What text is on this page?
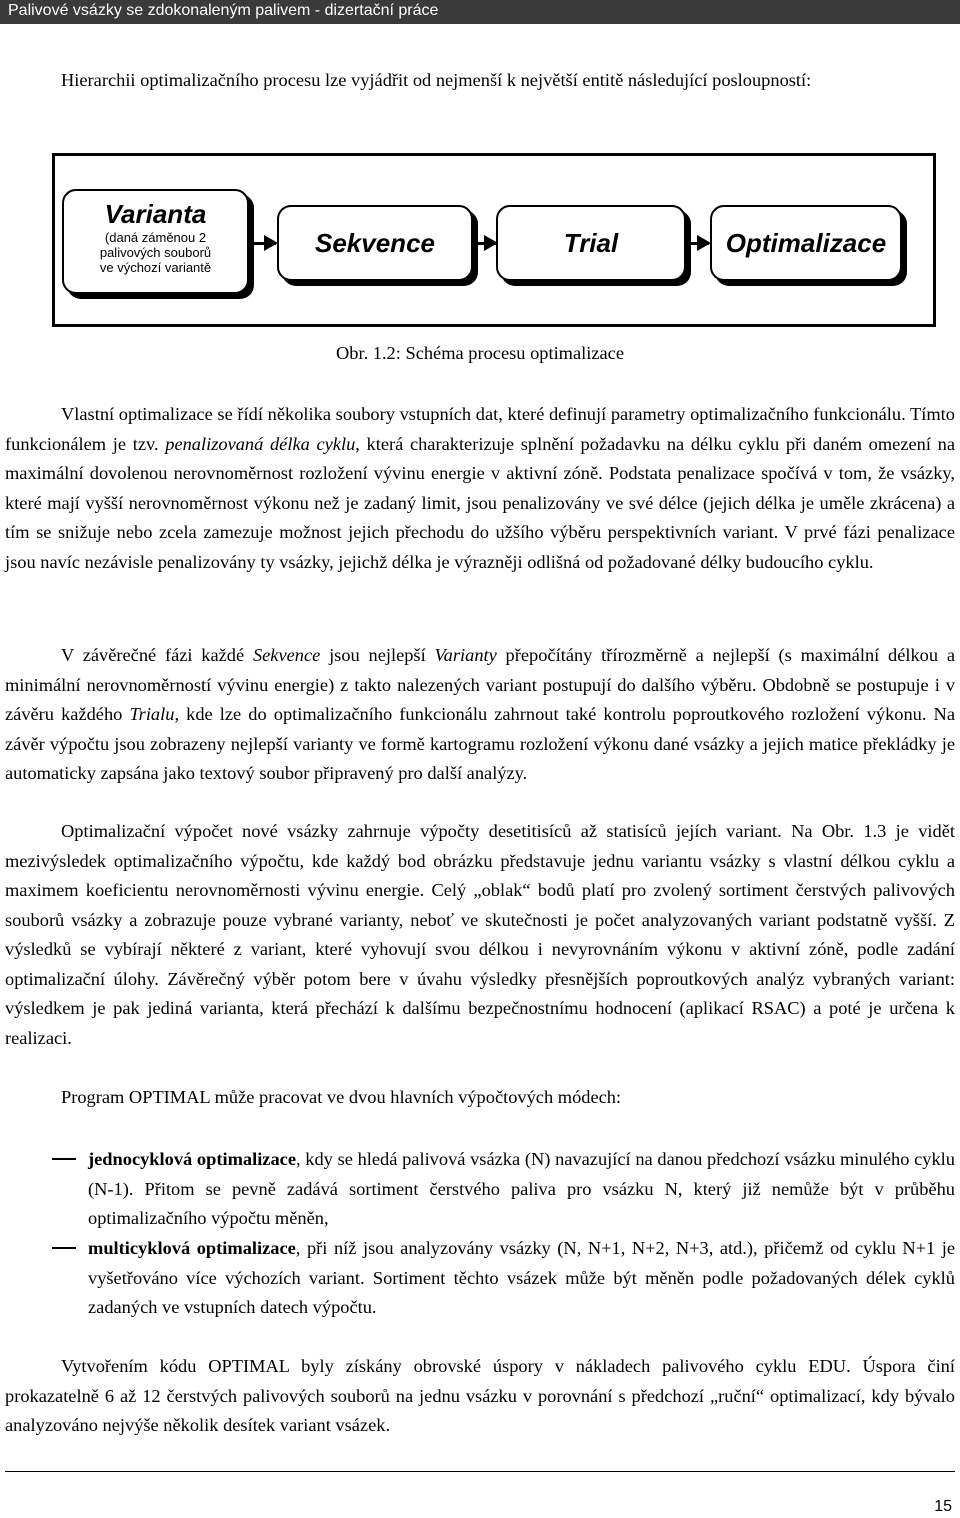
Palivové vsázky se zdokonaleným palivem - dizertační práce
Hierarchii optimalizačního procesu lze vyjádřit od nejmenší k největší entitě následující posloupností:
Varianta
(daná záměnou 2
palivových souborů
ve výchozí variantě
Sekvence	Trial	Optimalizace
Obr. 1.2: Schéma procesu optimalizace
Vlastní optimalizace se řídí několika soubory vstupních dat, které definují parametry optimalizačního funkcionálu. Tímto funkcionálem je tzv. penalizovaná délka cyklu, která charakterizuje splnění požadavku na délku cyklu při daném omezení na maximální dovolenou nerovnoměrnost rozložení vývinu energie v aktivní zóně. Podstata penalizace spočívá v tom, že vsázky, které mají vyšší nerovnoměrnost výkonu než je zadaný limit, jsou penalizovány ve své délce (jejich délka je uměle zkrácena) a tím se snižuje nebo zcela zamezuje možnost jejich přechodu do užšího výběru perspektivních variant. V prvé fázi penalizace jsou navíc nezávisle penalizovány ty vsázky, jejichž délka je výrazněji odlišná od požadované délky budoucího cyklu.
V závěrečné fázi každé Sekvence jsou nejlepší Varianty přepočítány třírozměrně a nejlepší (s maximální délkou a minimální nerovnoměrností vývinu energie) z takto nalezených variant postupují do dalšího výběru. Obdobně se postupuje i v závěru každého Trialu, kde lze do optimalizačního funkcionálu zahrnout také kontrolu poproutkového rozložení výkonu. Na závěr výpočtu jsou zobrazeny nejlepší varianty ve formě kartogramu rozložení výkonu dané vsázky a jejich matice překládky je automaticky zapsána jako textový soubor připravený pro další analýzy.
Optimalizační výpočet nové vsázky zahrnuje výpočty desetitisíců až statisíců jejích variant. Na Obr. 1.3 je vidět mezivýsledek optimalizačního výpočtu, kde každý bod obrázku představuje jednu variantu vsázky s vlastní délkou cyklu a maximem koeficientu nerovnoměrnosti vývinu energie. Celý „oblak“ bodů platí pro zvolený sortiment čerstvých palivových souborů vsázky a zobrazuje pouze vybrané varianty, neboť ve skutečnosti je počet analyzovaných variant podstatně vyšší. Z výsledků se vybírají některé z variant, které vyhovují svou délkou i nevyrovnáním výkonu v aktivní zóně, podle zadání optimalizační úlohy. Závěrečný výběr potom bere v úvahu výsledky přesnějších poproutkových analýz vybraných variant: výsledkem je pak jediná varianta, která přechází k dalšímu bezpečnostnímu hodnocení (aplikací RSAC) a poté je určena k realizaci.
Program OPTIMAL může pracovat ve dvou hlavních výpočtových módech:
jednocyklová optimalizace, kdy se hledá palivová vsázka (N) navazující na danou předchozí vsázku minulého cyklu (N-1). Přitom se pevně zadává sortiment čerstvého paliva pro vsázku N, který již nemůže být v průběhu optimalizačního výpočtu měněn,
multicyklová optimalizace, při níž jsou analyzovány vsázky (N, N+1, N+2, N+3, atd.), přičemž od cyklu N+1 je vyšetřováno více výchozích variant. Sortiment těchto vsázek může být měněn podle požadovaných délek cyklů zadaných ve vstupních datech výpočtu.
Vytvořením kódu OPTIMAL byly získány obrovské úspory v nákladech palivového cyklu EDU. Úspora činí prokazatelně 6 až 12 čerstvých palivových souborů na jednu vsázku v porovnání s předchozí „ruční“ optimalizací, kdy bývalo analyzováno nejvýše několik desítek variant vsázek.
15
